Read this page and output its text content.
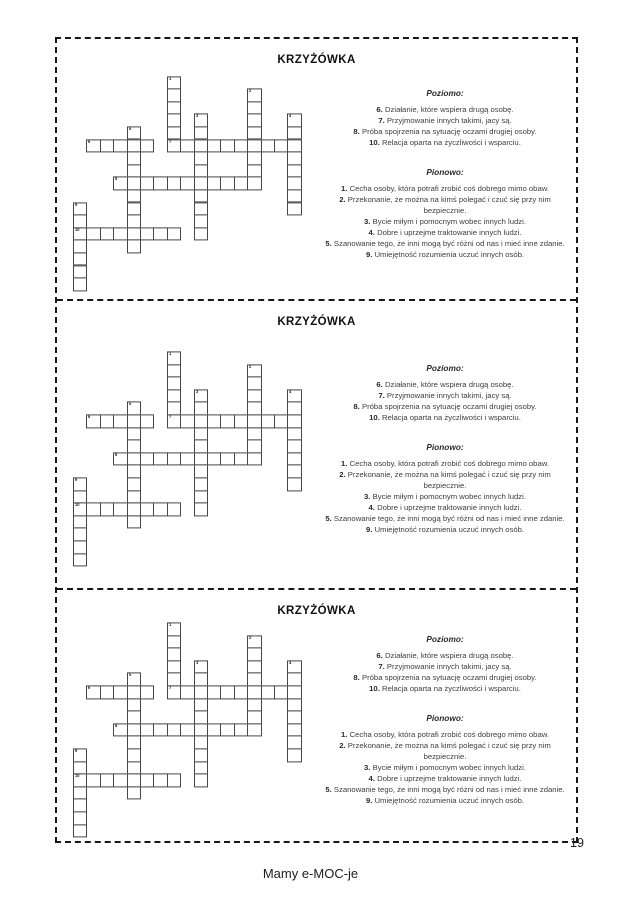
KRZYŻÓWKA
1
7
2
3	4
5
6
8
9
10
Poziomo:
6. Działanie, które wspiera drugą osobę.
7. Przyjmowanie innych takimi, jacy są.
8. Próba spojrzenia na sytuację oczami drugiej osoby.
10. Relacja oparta na życzliwości i wsparciu.
Pionowo:
1. Cecha osoby, która potrafi zrobić coś dobrego mimo obaw.
2. Przekonanie, że można na kimś polegać i czuć się przy nim bezpiecznie.
3. Bycie miłym i pomocnym wobec innych ludzi.
4. Dobre i uprzejme traktowanie innych ludzi.
5. Szanowanie tego, że inni mogą być różni od nas i mieć inne zdanie.
9. Umiejętność rozumienia uczuć innych osób.
KRZYŻÓWKA
1
7
2
3	4
5
6
8
9
10
Poziomo:
6. Działanie, które wspiera drugą osobę.
7. Przyjmowanie innych takimi, jacy są.
8. Próba spojrzenia na sytuację oczami drugiej osoby.
10. Relacja oparta na życzliwości i wsparciu.
Pionowo:
1. Cecha osoby, która potrafi zrobić coś dobrego mimo obaw.
2. Przekonanie, że można na kimś polegać i czuć się przy nim bezpiecznie.
3. Bycie miłym i pomocnym wobec innych ludzi.
4. Dobre i uprzejme traktowanie innych ludzi.
5. Szanowanie tego, że inni mogą być różni od nas i mieć inne zdanie.
9. Umiejętność rozumienia uczuć innych osób.
KRZYŻÓWKA
1
7
2
3	4
5
6
8
9
10
Poziomo:
6. Działanie, które wspiera drugą osobę.
7. Przyjmowanie innych takimi, jacy są.
8. Próba spojrzenia na sytuację oczami drugiej osoby.
10. Relacja oparta na życzliwości i wsparciu.
Pionowo:
1. Cecha osoby, która potrafi zrobić coś dobrego mimo obaw.
2. Przekonanie, że można na kimś polegać i czuć się przy nim bezpiecznie.
3. Bycie miłym i pomocnym wobec innych ludzi.
4. Dobre i uprzejme traktowanie innych ludzi.
5. Szanowanie tego, że inni mogą być różni od nas i mieć inne zdanie.
9. Umiejętność rozumienia uczuć innych osób.
Mamy e-MOC-je
19
